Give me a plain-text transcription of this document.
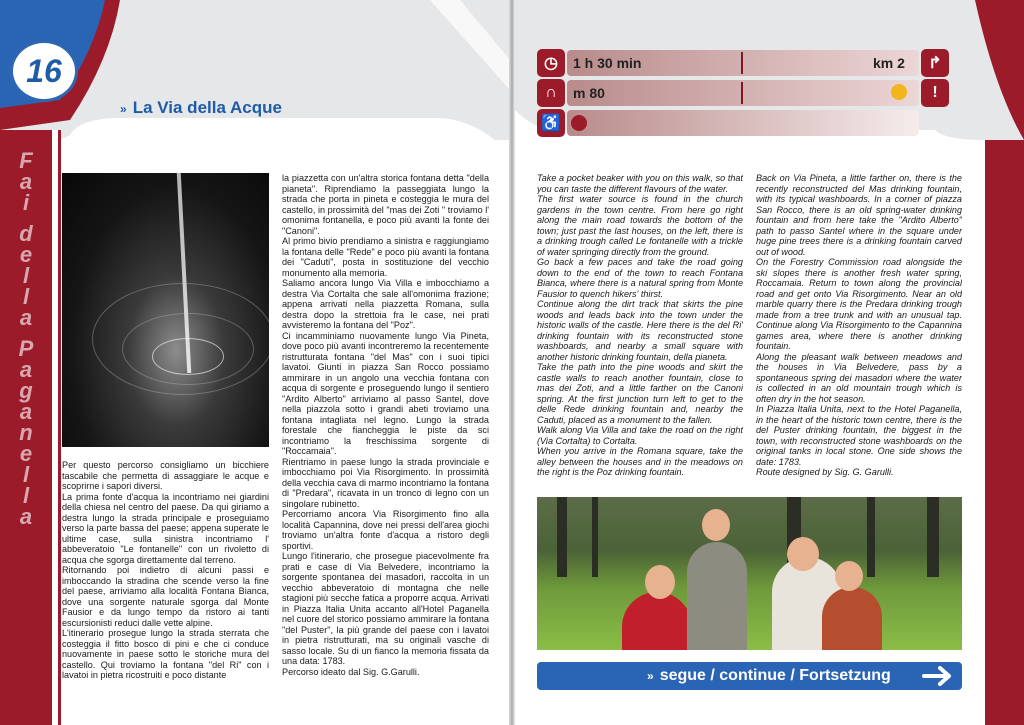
F
a
i

d
e
l
l
a

P
a
g
a
n
e
l
l
a
16
» La Via della Acque
Per questo percorso consigliamo un bicchiere tascabile che permetta di assaggiare le acque e scoprirne i sapori diversi.
La prima fonte d'acqua la incontriamo nei giardini della chiesa nel centro del paese. Da qui giriamo a destra lungo la strada principale e proseguiamo verso la parte bassa del paese; appena superate le ultime case, sulla sinistra incontriamo l' abbeveratoio "Le fontanelle" con un rivoletto di acqua che sgorga direttamente dal terreno.
Ritornando poi indietro di alcuni passi e imboccando la stradina che scende verso la fine del paese, arriviamo alla località Fontana Bianca, dove una sorgente naturale sgorga dal Monte Fausior e da lungo tempo da ristoro ai tanti escursionisti reduci dalle vette alpine.
L'itinerario prosegue lungo la strada sterrata che costeggia il fitto bosco di pini e che ci conduce nuovamente in paese sotto le storiche mura del castello. Qui troviamo la fontana "del Ri" con i lavatoi in pietra ricostruiti e poco distante
la piazzetta con un'altra storica fontana detta "della pianeta". Riprendiamo la passeggiata lungo la strada che porta in pineta e costeggia le mura del castello, in prossimità del "mas dei Zoti " troviamo l' omonima fontanella, e poco più avanti la fonte dei "Canoni".
Al primo bivio prendiamo a sinistra e raggiungiamo la fontana delle "Rede" e poco più avanti la fontana dei "Caduti", posta in sostituzione del vecchio monumento alla memoria.
Saliamo ancora lungo Via Villa e imbocchiamo a destra Via Cortalta che sale all'omonima frazione; appena arrivati nella piazzetta Romana, sulla destra dopo la strettoia fra le case, nei prati avvisteremo la fontana del "Poz".
Ci incamminiamo nuovamente lungo Via Pineta, dove poco più avanti incontreremo la recentemente ristrutturata fontana "del Mas" con i suoi tipici lavatoi. Giunti in piazza San Rocco possiamo ammirare in un angolo una vecchia fontana con acqua di sorgente e proseguendo lungo il sentiero "Ardito Alberto" arriviamo al passo Santel, dove nella piazzola sotto i grandi abeti troviamo una fontana intagliata nel legno. Lungo la strada forestale che fiancheggia le piste da sci incontriamo la freschissima sorgente di "Roccamaia".
Rientriamo in paese lungo la strada provinciale e imbocchiamo poi Via Risorgimento. In prossimità della vecchia cava di marmo incontriamo la fontana di "Predara", ricavata in un tronco di legno con un singolare rubinetto.
Percorriamo ancora Via Risorgimento fino alla località Capannina, dove nei pressi dell'area giochi troviamo un'altra fonte d'acqua a ristoro degli sportivi.
Lungo l'itinerario, che prosegue piacevolmente fra prati e case di Via Belvedere, incontriamo la sorgente spontanea dei masadori, raccolta in un vecchio abbeveratoio di montagna che nelle stagioni più secche fatica a proporre acqua. Arrivati in Piazza Italia Unita accanto all'Hotel Paganella nel cuore del storico possiamo ammirare la fontana "del Puster", la più grande del paese con i lavatoi in pietra ristrutturati, ma su originali vasche di sasso locale. Su di un fianco la memoria fissata da una data: 1783.
Percorso ideato dal Sig. G.Garulli.
◷
∩
♿
↱
!
1 h 30 min	km 2
m 80
Take a pocket beaker with you on this walk, so that you can taste the different flavours of the water.
The first water source is found in the church gardens in the town centre. From here go right along the main road towards the bottom of the town; just past the last houses, on the left, there is a drinking trough called Le fontanelle with a trickle of water springing directly from the ground.
Go back a few paces and take the road going down to the end of the town to reach Fontana Bianca, where there is a natural spring from Monte Fausior to quench hikers' thirst.
Continue along the dirt track that skirts the pine woods and leads back into the town under the historic walls of the castle. Here there is the del Ri' drinking fountain with its reconstructed stone washboards, and nearby a small square with another historic drinking fountain, della pianeta.
Take the path into the pine woods and skirt the castle walls to reach another fountain, close to mas dei Zoti, and a little farther on the Canoni spring. At the first junction turn left to get to the delle Rede drinking fountain and, nearby the Caduti, placed as a monument to the fallen.
Walk along Via Villa and take the road on the right (Via Cortalta) to Cortalta.
When you arrive in the Romana square, take the alley between the houses and in the meadows on the right is the Poz drinking fountain.
Back on Via Pineta, a little farther on, there is the recently reconstructed del Mas drinking fountain, with its typical washboards. In a corner of piazza San Rocco, there is an old spring-water drinking fountain and from here take the "Ardito Alberto" path to passo Santel where in the square under huge pine trees there is a drinking fountain carved out of wood.
On the Forestry Commission road alongside the ski slopes there is another fresh water spring, Roccamaia. Return to town along the provincial road and get onto Via Risorgimento. Near an old marble quarry there is the Predara drinking trough made from a tree trunk and with an unusual tap. Continue along Via Risorgimento to the Capannina games area, where there is another drinking fountain.
Along the pleasant walk between meadows and the houses in Via Belvedere, pass by a spontaneous spring dei masadori where the water is collected in an old mountain trough which is often dry in the hot season.
In Piazza Italia Unita, next to the Hotel Paganella, in the heart of the historic town centre, there is the del Puster drinking fountain, the biggest in the town, with reconstructed stone washboards on the original tanks in local stone. One side shows the date: 1783.
Route designed by Sig. G. Garulli.
» segue / continue / Fortsetzung
